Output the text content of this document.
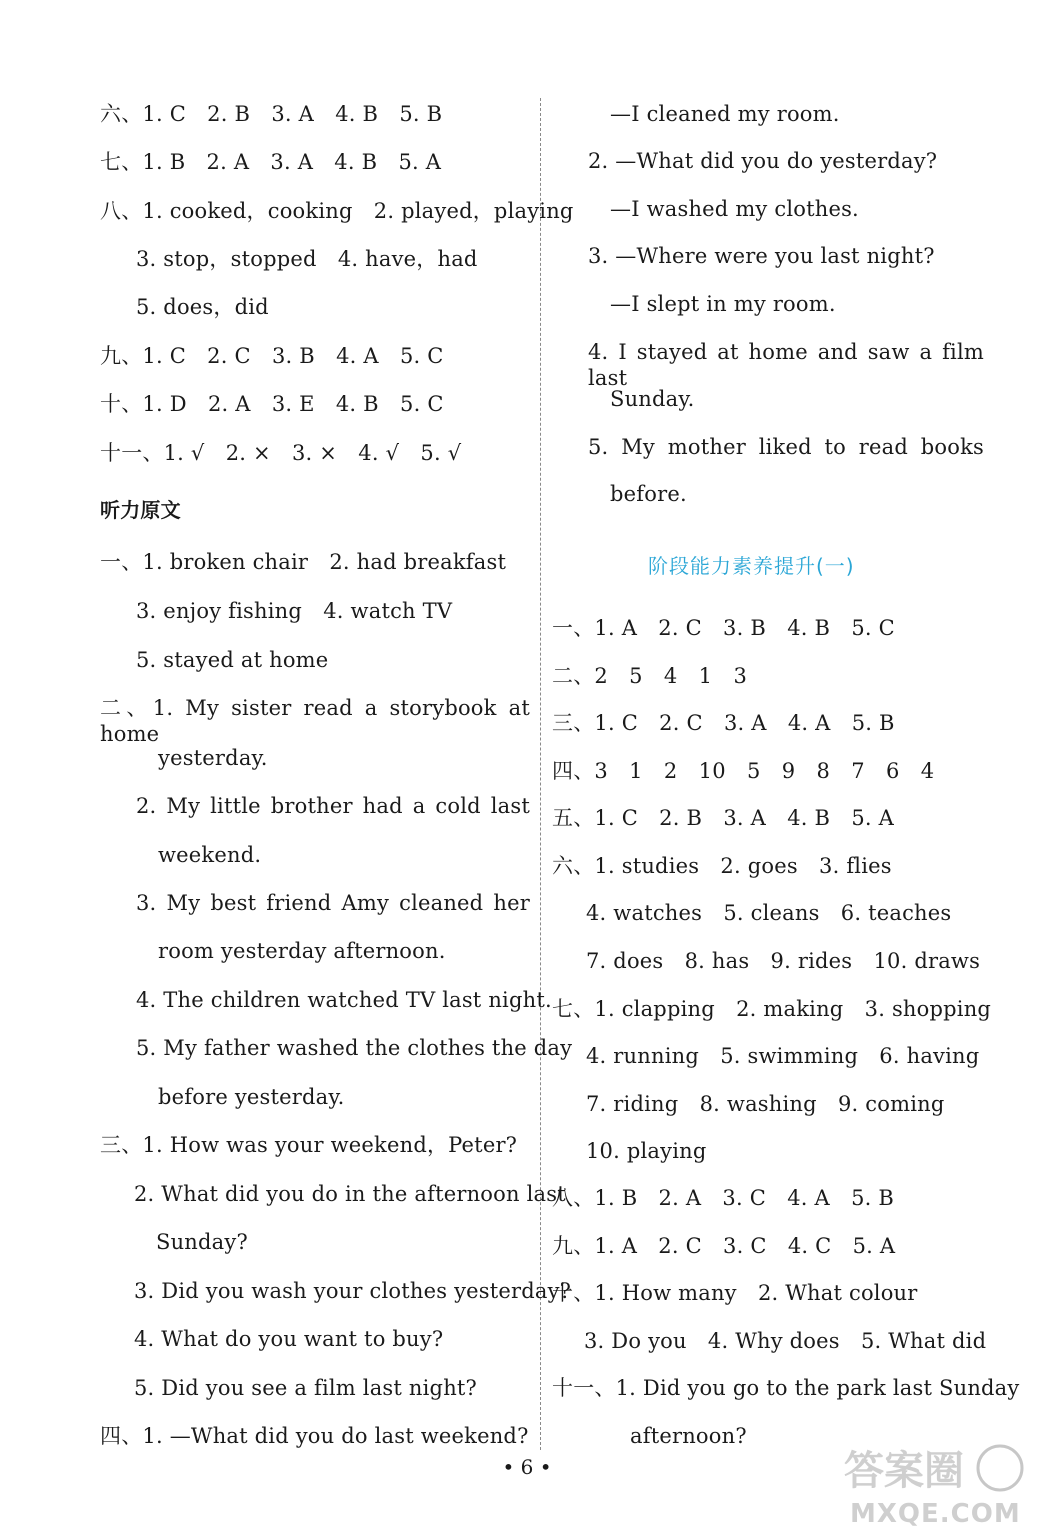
六、1. C　2. B　3. A　4. B　5. B
七、1. B　2. A　3. A　4. B　5. A
八、1. cooked，cooking　2. played，playing
3. stop，stopped　4. have，had
5. does，did
九、1. C　2. C　3. B　4. A　5. C
十、1. D　2. A　3. E　4. B　5. C
十一、1. √　2. ×　3. ×　4. √　5. √
听力原文
一、1. broken chair　2. had breakfast
3. enjoy fishing　4. watch TV
5. stayed at home
二、1. My sister read a storybook at home
yesterday.
2. My little brother had a cold last
weekend.
3. My best friend Amy cleaned her
room yesterday afternoon.
4. The children watched TV last night.
5. My father washed the clothes the day
before yesterday.
三、1. How was your weekend，Peter?
2. What did you do in the afternoon last
Sunday?
3. Did you wash your clothes yesterday?
4. What do you want to buy?
5. Did you see a film last night?
四、1. —What did you do last weekend?
—I cleaned my room.
2. —What did you do yesterday?
—I washed my clothes.
3. —Where were you last night?
—I slept in my room.
4. I stayed at home and saw a film last
Sunday.
5. My mother liked to read books
before.
一、1. A　2. C　3. B　4. B　5. C
二、2　5　4　1　3
三、1. C　2. C　3. A　4. A　5. B
四、3　1　2　10　5　9　8　7　6　4
五、1. C　2. B　3. A　4. B　5. A
六、1. studies　2. goes　3. flies
4. watches　5. cleans　6. teaches
7. does　8. has　9. rides　10. draws
七、1. clapping　2. making　3. shopping
4. running　5. swimming　6. having
7. riding　8. washing　9. coming
10. playing
八、1. B　2. A　3. C　4. A　5. B
九、1. A　2. C　3. C　4. C　5. A
十、1. How many　2. What colour
3. Do you　4. Why does　5. What did
十一、1. Did you go to the park last Sunday
afternoon?
阶段能力素养提升(一)
• 6 •	答案圈
MXQE.COM
